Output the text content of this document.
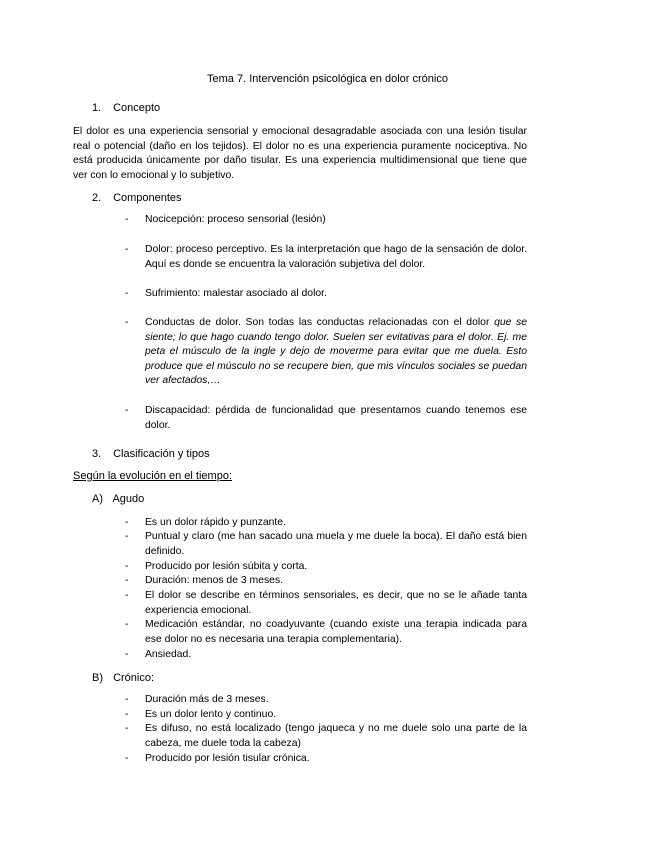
Tema 7. Intervención psicológica en dolor crónico
1. Concepto
El dolor es una experiencia sensorial y emocional desagradable asociada con una lesión tisular real o potencial (daño en los tejidos). El dolor no es una experiencia puramente nociceptiva. No está producida únicamente por daño tisular. Es una experiencia multidimensional que tiene que ver con lo emocional y lo subjetivo.
2. Componentes
- Nocicepción: proceso sensorial (lesión)
- Dolor: proceso perceptivo. Es la interpretación que hago de la sensación de dolor. Aquí es donde se encuentra la valoración subjetiva del dolor.
- Sufrimiento: malestar asociado al dolor.
- Conductas de dolor. Son todas las conductas relacionadas con el dolor que se siente; lo que hago cuando tengo dolor. Suelen ser evitativas para el dolor. Ej. me peta el músculo de la ingle y dejo de moverme para evitar que me duela. Esto produce que el músculo no se recupere bien, que mis vínculos sociales se puedan ver afectados,…
- Discapacidad: pérdida de funcionalidad que presentamos cuando tenemos ese dolor.
3. Clasificación y tipos
Según la evolución en el tiempo:
A) Agudo
- Es un dolor rápido y punzante.
- Puntual y claro (me han sacado una muela y me duele la boca). El daño está bien definido.
- Producido por lesión súbita y corta.
- Duración: menos de 3 meses.
- El dolor se describe en términos sensoriales, es decir, que no se le añade tanta experiencia emocional.
- Medicación estándar, no coadyuvante (cuando existe una terapia indicada para ese dolor no es necesaria una terapia complementaria).
- Ansiedad.
B) Crónico:
- Duración más de 3 meses.
- Es un dolor lento y continuo.
- Es difuso, no está localizado (tengo jaqueca y no me duele solo una parte de la cabeza, me duele toda la cabeza)
- Producido por lesión tisular crónica.
